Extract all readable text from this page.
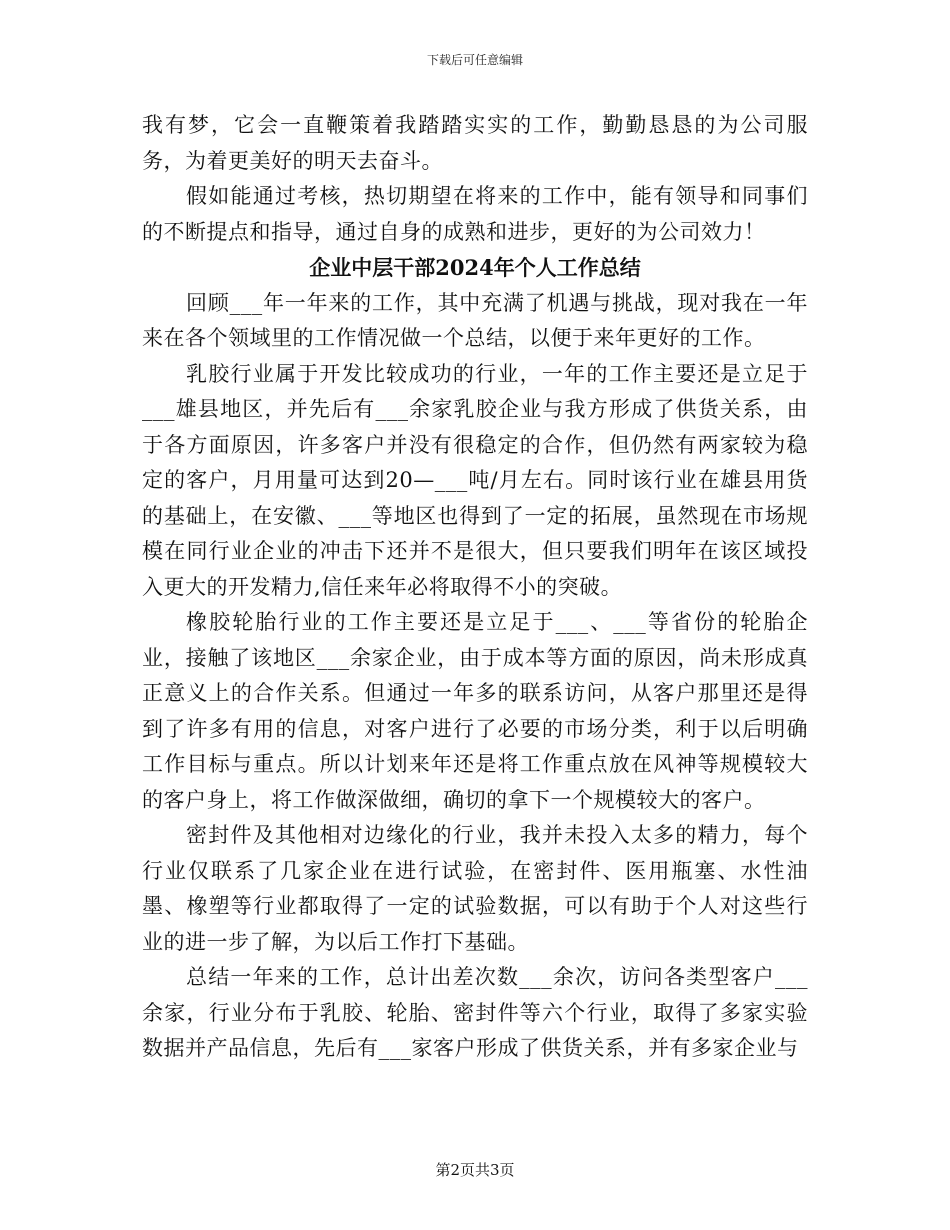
下载后可任意编辑

我有梦，它会一直鞭策着我踏踏实实的工作，勤勤恳恳的为公司服务，为着更美好的明天去奋斗。

假如能通过考核，热切期望在将来的工作中，能有领导和同事们的不断提点和指导，通过自身的成熟和进步，更好的为公司效力！

企业中层干部2024年个人工作总结

回顾___年一年来的工作，其中充满了机遇与挑战，现对我在一年来在各个领域里的工作情况做一个总结，以便于来年更好的工作。

乳胶行业属于开发比较成功的行业，一年的工作主要还是立足于___雄县地区，并先后有___余家乳胶企业与我方形成了供货关系，由于各方面原因，许多客户并没有很稳定的合作，但仍然有两家较为稳定的客户，月用量可达到20—___吨/月左右。同时该行业在雄县用货的基础上，在安徽、___等地区也得到了一定的拓展，虽然现在市场规模在同行业企业的冲击下还并不是很大，但只要我们明年在该区域投入更大的开发精力,信任来年必将取得不小的突破。

橡胶轮胎行业的工作主要还是立足于___、___等省份的轮胎企业，接触了该地区___余家企业，由于成本等方面的原因，尚未形成真正意义上的合作关系。但通过一年多的联系访问，从客户那里还是得到了许多有用的信息，对客户进行了必要的市场分类，利于以后明确工作目标与重点。所以计划来年还是将工作重点放在风神等规模较大的客户身上，将工作做深做细，确切的拿下一个规模较大的客户。

密封件及其他相对边缘化的行业，我并未投入太多的精力，每个行业仅联系了几家企业在进行试验，在密封件、医用瓶塞、水性油墨、橡塑等行业都取得了一定的试验数据，可以有助于个人对这些行业的进一步了解，为以后工作打下基础。

总结一年来的工作，总计出差次数___余次，访问各类型客户___余家，行业分布于乳胶、轮胎、密封件等六个行业，取得了多家实验数据并产品信息，先后有___家客户形成了供货关系，并有多家企业与

第2页共3页
